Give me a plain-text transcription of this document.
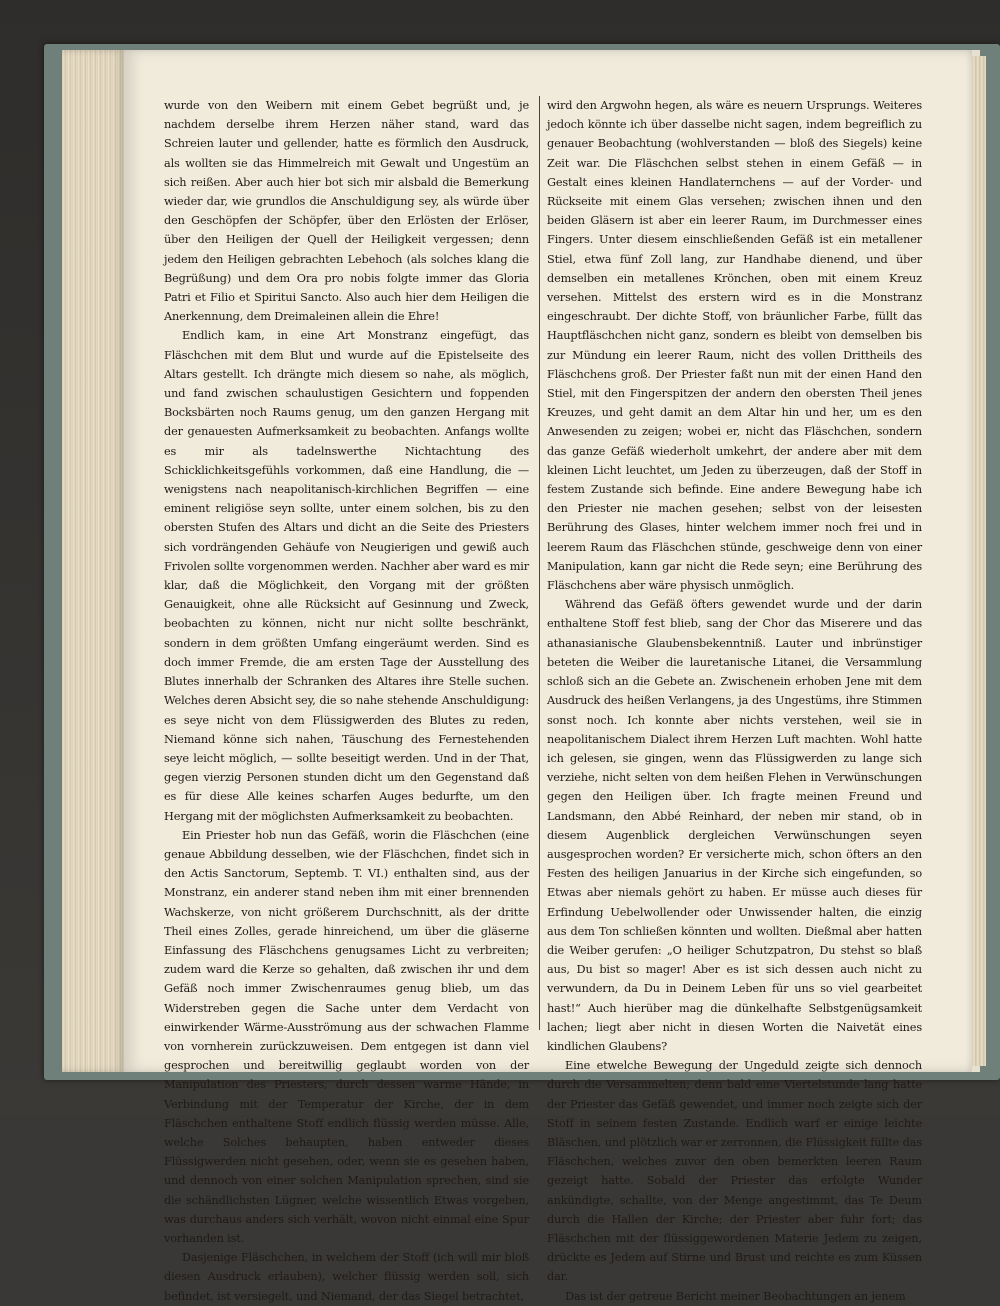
wurde von den Weibern mit einem Gebet begrüßt und, je nachdem derselbe ihrem Herzen näher stand, ward das Schreien lauter und gellender, hatte es förmlich den Ausdruck, als wollten sie das Himmelreich mit Gewalt und Ungestüm an sich reißen. Aber auch hier bot sich mir alsbald die Bemerkung wieder dar, wie grundlos die Anschuldigung sey, als würde über den Geschöpfen der Schöpfer, über den Erlösten der Erlöser, über den Heiligen der Quell der Heiligkeit vergessen; denn jedem den Heiligen gebrachten Lebehoch (als solches klang die Begrüßung) und dem Ora pro nobis folgte immer das Gloria Patri et Filio et Spiritui Sancto. Also auch hier dem Heiligen die Anerkennung, dem Dreimaleinen allein die Ehre!

Endlich kam, in eine Art Monstranz eingefügt, das Fläschchen mit dem Blut und wurde auf die Epistelseite des Altars gestellt. Ich drängte mich diesem so nahe, als möglich, und fand zwischen schaulustigen Gesichtern und foppenden Bocksbärten noch Raums genug, um den ganzen Hergang mit der genauesten Aufmerksamkeit zu beobachten. Anfangs wollte es mir als tadelnswerthe Nichtachtung des Schicklichkeitsgefühls vorkommen, daß eine Handlung, die — wenigstens nach neapolitanisch-kirchlichen Begriffen — eine eminent religiöse seyn sollte, unter einem solchen, bis zu den obersten Stufen des Altars und dicht an die Seite des Priesters sich vordrängenden Gehäufe von Neugierigen und gewiß auch Frivolen sollte vorgenommen werden. Nachher aber ward es mir klar, daß die Möglichkeit, den Vorgang mit der größten Genauigkeit, ohne alle Rücksicht auf Gesinnung und Zweck, beobachten zu können, nicht nur nicht sollte beschränkt, sondern in dem größten Umfang eingeräumt werden. Sind es doch immer Fremde, die am ersten Tage der Ausstellung des Blutes innerhalb der Schranken des Altares ihre Stelle suchen. Welches deren Absicht sey, die so nahe stehende Anschuldigung: es seye nicht von dem Flüssigwerden des Blutes zu reden, Niemand könne sich nahen, Täuschung des Fernestehenden seye leicht möglich, — sollte beseitigt werden. Und in der That, gegen vierzig Personen stunden dicht um den Gegenstand daß es für diese Alle keines scharfen Auges bedurfte, um den Hergang mit der möglichsten Aufmerksamkeit zu beobachten.

Ein Priester hob nun das Gefäß, worin die Fläschchen (eine genaue Abbildung desselben, wie der Fläschchen, findet sich in den Actis Sanctorum, Septemb. T. VI.) enthalten sind, aus der Monstranz, ein anderer stand neben ihm mit einer brennenden Wachskerze, von nicht größerem Durchschnitt, als der dritte Theil eines Zolles, gerade hinreichend, um über die gläserne Einfassung des Fläschchens genugsames Licht zu verbreiten; zudem ward die Kerze so gehalten, daß zwischen ihr und dem Gefäß noch immer Zwischenraumes genug blieb, um das Widerstreben gegen die Sache unter dem Verdacht von einwirkender Wärme-Ausströmung aus der schwachen Flamme von vornherein zurückzuweisen. Dem entgegen ist dann viel gesprochen und bereitwillig geglaubt worden von der Manipulation des Priesters, durch dessen warme Hände, in Verbindung mit der Temperatur der Kirche, der in dem Fläschchen enthaltene Stoff endlich flüssig werden müsse. Alle, welche Solches behaupten, haben entweder dieses Flüssigwerden nicht gesehen, oder, wenn sie es gesehen haben, und dennoch von einer solchen Manipulation sprechen, sind sie die schändlichsten Lügner, welche wissentlich Etwas vorgeben, was durchaus anders sich verhält, wovon nicht einmal eine Spur vorhanden ist.

Dasjenige Fläschchen, in welchem der Stoff (ich will mir bloß diesen Ausdruck erlauben), welcher flüssig werden soll, sich befindet, ist versiegelt, und Niemand, der das Siegel betrachtet,

wird den Argwohn hegen, als wäre es neuern Ursprungs. Weiteres jedoch könnte ich über dasselbe nicht sagen, indem begreiflich zu genauer Beobachtung (wohlverstanden — bloß des Siegels) keine Zeit war. Die Fläschchen selbst stehen in einem Gefäß — in Gestalt eines kleinen Handlaternchens — auf der Vorder- und Rückseite mit einem Glas versehen; zwischen ihnen und den beiden Gläsern ist aber ein leerer Raum, im Durchmesser eines Fingers. Unter diesem einschließenden Gefäß ist ein metallener Stiel, etwa fünf Zoll lang, zur Handhabe dienend, und über demselben ein metallenes Krönchen, oben mit einem Kreuz versehen. Mittelst des erstern wird es in die Monstranz eingeschraubt. Der dichte Stoff, von bräunlicher Farbe, füllt das Hauptfläschchen nicht ganz, sondern es bleibt von demselben bis zur Mündung ein leerer Raum, nicht des vollen Drittheils des Fläschchens groß. Der Priester faßt nun mit der einen Hand den Stiel, mit den Fingerspitzen der andern den obersten Theil jenes Kreuzes, und geht damit an dem Altar hin und her, um es den Anwesenden zu zeigen; wobei er, nicht das Fläschchen, sondern das ganze Gefäß wiederholt umkehrt, der andere aber mit dem kleinen Licht leuchtet, um Jeden zu überzeugen, daß der Stoff in festem Zustande sich befinde. Eine andere Bewegung habe ich den Priester nie machen gesehen; selbst von der leisesten Berührung des Glases, hinter welchem immer noch frei und in leerem Raum das Fläschchen stünde, geschweige denn von einer Manipulation, kann gar nicht die Rede seyn; eine Berührung des Fläschchens aber wäre physisch unmöglich.

Während das Gefäß öfters gewendet wurde und der darin enthaltene Stoff fest blieb, sang der Chor das Miserere und das athanasianische Glaubensbekenntniß. Lauter und inbrünstiger beteten die Weiber die lauretanische Litanei, die Versammlung schloß sich an die Gebete an. Zwischenein erhoben Jene mit dem Ausdruck des heißen Verlangens, ja des Ungestüms, ihre Stimmen sonst noch. Ich konnte aber nichts verstehen, weil sie in neapolitanischem Dialect ihrem Herzen Luft machten. Wohl hatte ich gelesen, sie gingen, wenn das Flüssigwerden zu lange sich verziehe, nicht selten von dem heißen Flehen in Verwünschungen gegen den Heiligen über. Ich fragte meinen Freund und Landsmann, den Abbé Reinhard, der neben mir stand, ob in diesem Augenblick dergleichen Verwünschungen seyen ausgesprochen worden? Er versicherte mich, schon öfters an den Festen des heiligen Januarius in der Kirche sich eingefunden, so Etwas aber niemals gehört zu haben. Er müsse auch dieses für Erfindung Uebelwollender oder Unwissender halten, die einzig aus dem Ton schließen könnten und wollten. Dießmal aber hatten die Weiber gerufen: „O heiliger Schutzpatron, Du stehst so blaß aus, Du bist so mager! Aber es ist sich dessen auch nicht zu verwundern, da Du in Deinem Leben für uns so viel gearbeitet hast!“ Auch hierüber mag die dünkelhafte Selbstgenügsamkeit lachen; liegt aber nicht in diesen Worten die Naivetät eines kindlichen Glaubens?

Eine etwelche Bewegung der Ungeduld zeigte sich dennoch durch die Versammelten; denn bald eine Viertelstunde lang hatte der Priester das Gefäß gewendet, und immer noch zeigte sich der Stoff in seinem festen Zustande. Endlich warf er einige leichte Bläschen, und plötzlich war er zerronnen, die Flüssigkeit füllte das Fläschchen, welches zuvor den oben bemerkten leeren Raum gezeigt hatte. Sobald der Priester das erfolgte Wunder ankündigte, schallte, von der Menge angestimmt, das Te Deum durch die Hallen der Kirche; der Priester aber fuhr fort; das Fläschchen mit der flüssiggewordenen Materie Jedem zu zeigen, drückte es Jedem auf Stirne und Brust und reichte es zum Küssen dar.

Das ist der getreue Bericht meiner Beobachtungen an jenem
